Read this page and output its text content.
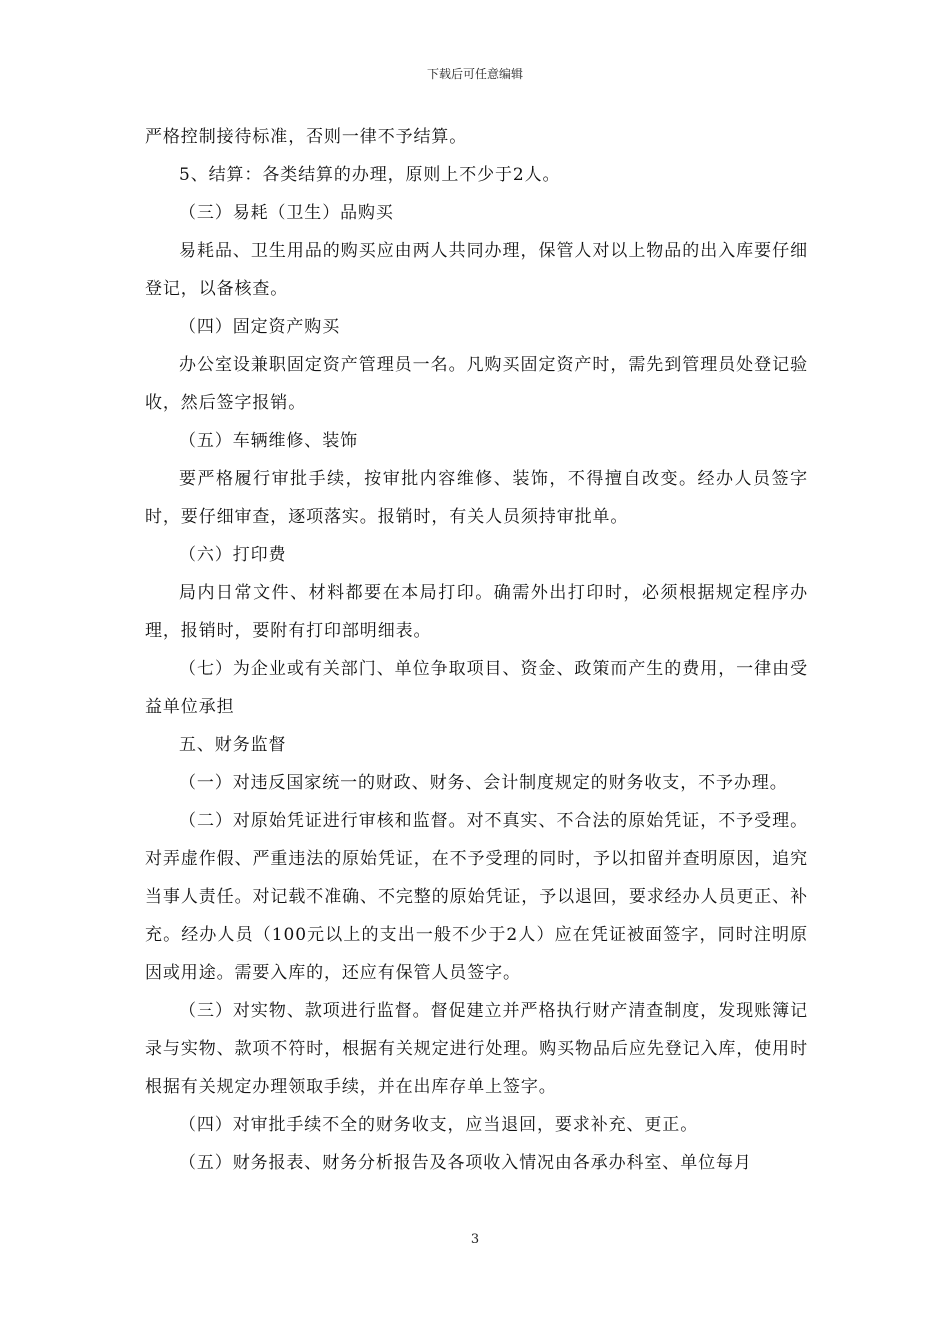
下载后可任意编辑

严格控制接待标准，否则一律不予结算。

5、结算：各类结算的办理，原则上不少于2人。

（三）易耗（卫生）品购买

易耗品、卫生用品的购买应由两人共同办理，保管人对以上物品的出入库要仔细登记，以备核查。

（四）固定资产购买

办公室设兼职固定资产管理员一名。凡购买固定资产时，需先到管理员处登记验收，然后签字报销。

（五）车辆维修、装饰

要严格履行审批手续，按审批内容维修、装饰，不得擅自改变。经办人员签字时，要仔细审查，逐项落实。报销时，有关人员须持审批单。

（六）打印费

局内日常文件、材料都要在本局打印。确需外出打印时，必须根据规定程序办理，报销时，要附有打印部明细表。

（七）为企业或有关部门、单位争取项目、资金、政策而产生的费用，一律由受益单位承担

五、财务监督

（一）对违反国家统一的财政、财务、会计制度规定的财务收支，不予办理。

（二）对原始凭证进行审核和监督。对不真实、不合法的原始凭证，不予受理。对弄虚作假、严重违法的原始凭证，在不予受理的同时，予以扣留并查明原因，追究当事人责任。对记载不准确、不完整的原始凭证，予以退回，要求经办人员更正、补充。经办人员（100元以上的支出一般不少于2人）应在凭证被面签字，同时注明原因或用途。需要入库的，还应有保管人员签字。

（三）对实物、款项进行监督。督促建立并严格执行财产清查制度，发现账簿记录与实物、款项不符时，根据有关规定进行处理。购买物品后应先登记入库，使用时根据有关规定办理领取手续，并在出库存单上签字。

（四）对审批手续不全的财务收支，应当退回，要求补充、更正。

（五）财务报表、财务分析报告及各项收入情况由各承办科室、单位每月

3
